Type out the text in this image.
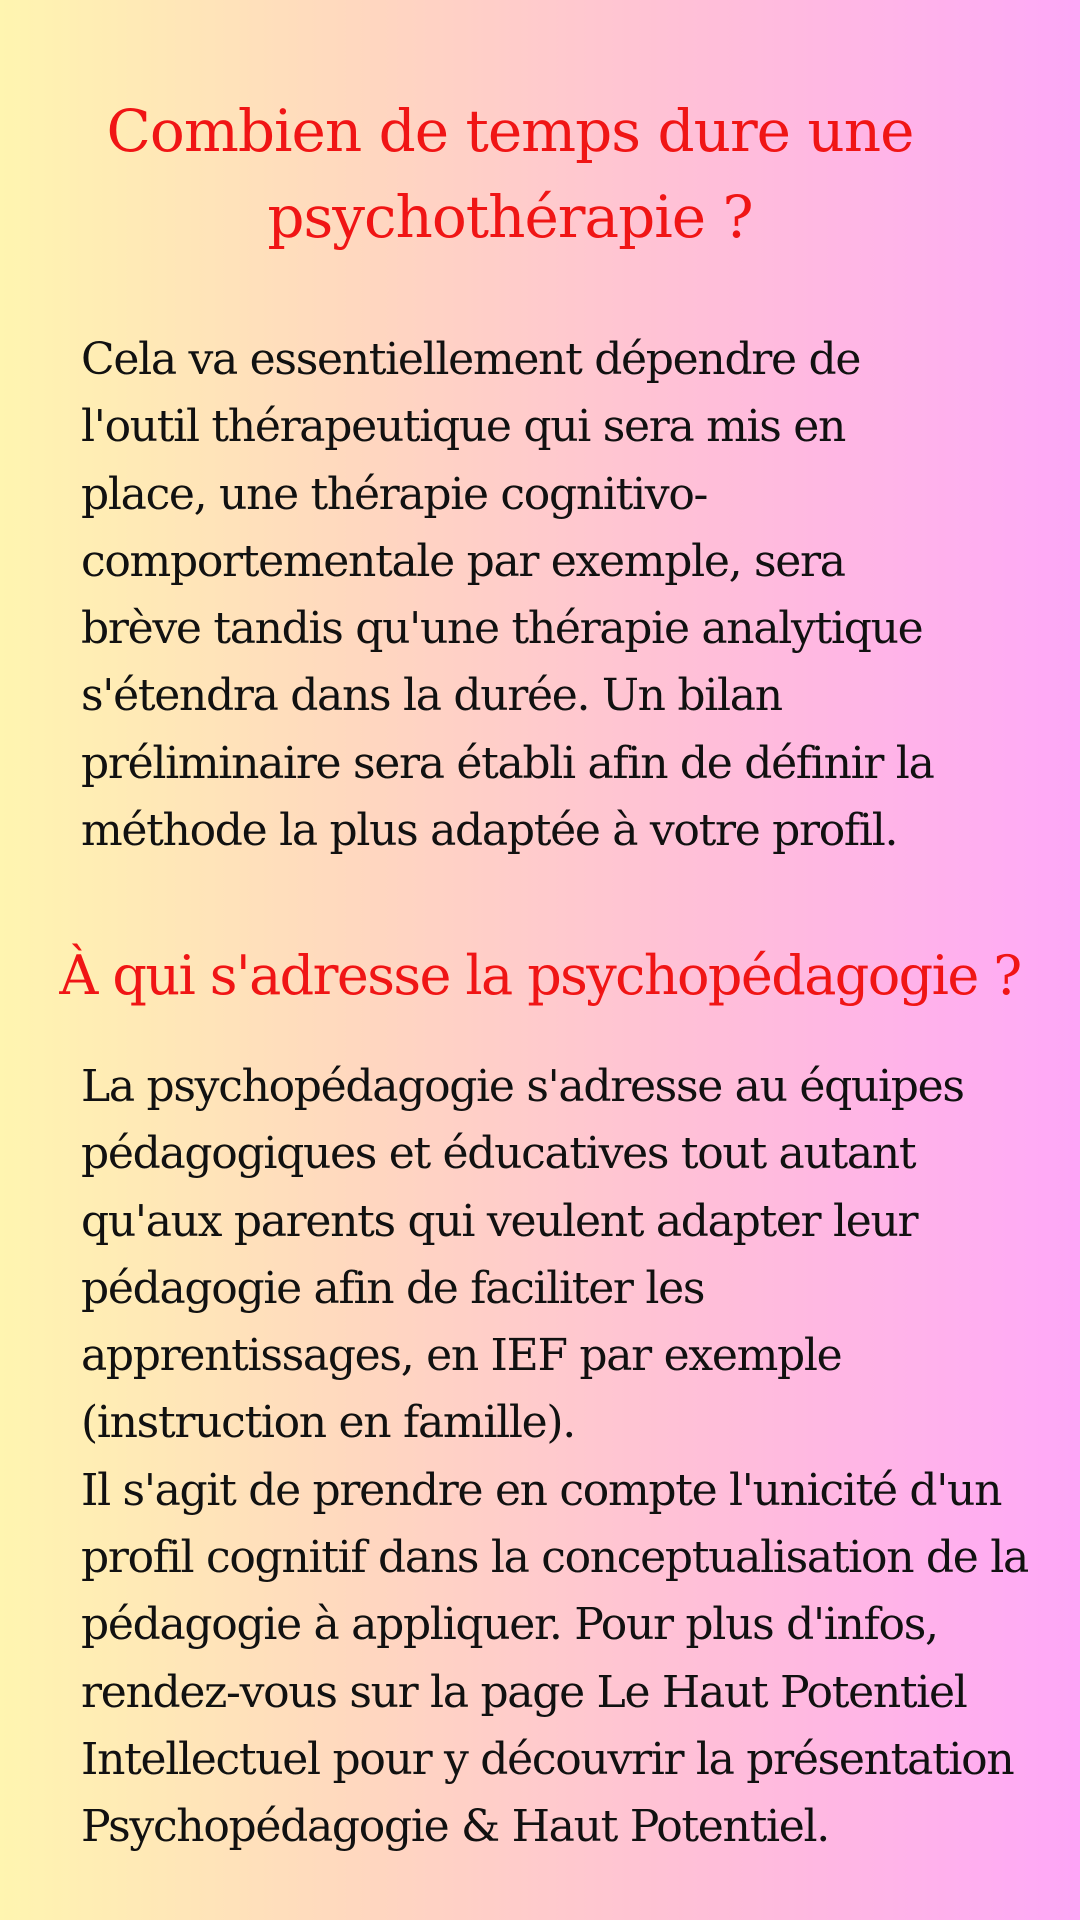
Combien de temps dure une
psychothérapie ?

Cela va essentiellement dépendre de
l'outil thérapeutique qui sera mis en
place, une thérapie cognitivo-
comportementale par exemple, sera
brève tandis qu'une thérapie analytique
s'étendra dans la durée. Un bilan
préliminaire sera établi afin de définir la
méthode la plus adaptée à votre profil.

À qui s'adresse la psychopédagogie ?

La psychopédagogie s'adresse au équipes
pédagogiques et éducatives tout autant
qu'aux parents qui veulent adapter leur
pédagogie afin de faciliter les
apprentissages, en IEF par exemple
(instruction en famille).
Il s'agit de prendre en compte l'unicité d'un
profil cognitif dans la conceptualisation de la
pédagogie à appliquer. Pour plus d'infos,
rendez-vous sur la page Le Haut Potentiel
Intellectuel pour y découvrir la présentation
Psychopédagogie & Haut Potentiel.
